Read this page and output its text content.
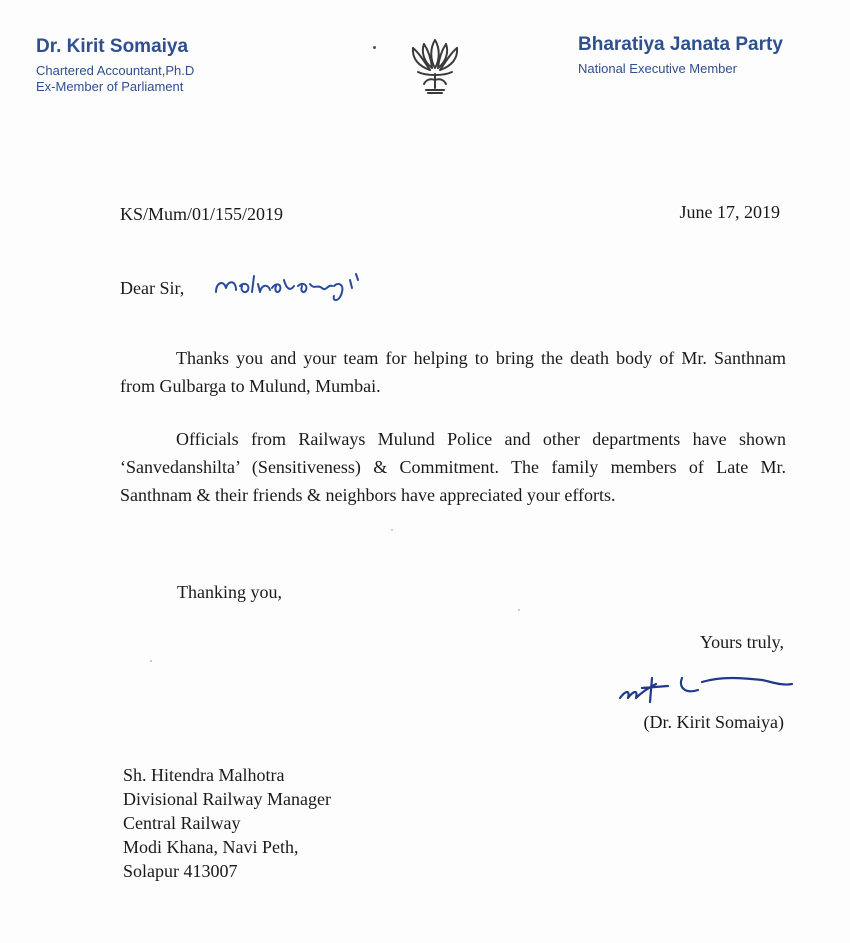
Dr. Kirit Somaiya
Chartered Accountant,Ph.D
Ex-Member of Parliament
Bharatiya Janata Party
National Executive Member
KS/Mum/01/155/2019	June 17, 2019
Dear Sir,

Thanks you and your team for helping to bring the death body of Mr. Santhnam from Gulbarga to Mulund, Mumbai.

Officials from Railways Mulund Police and other departments have shown ‘Sanvedanshilta’ (Sensitiveness) & Commitment. The family members of Late Mr. Santhnam & their friends & neighbors have appreciated your efforts.

Thanking you,
Yours truly,
(Dr. Kirit Somaiya)
Sh. Hitendra Malhotra
Divisional Railway Manager
Central Railway
Modi Khana, Navi Peth,
Solapur 413007
